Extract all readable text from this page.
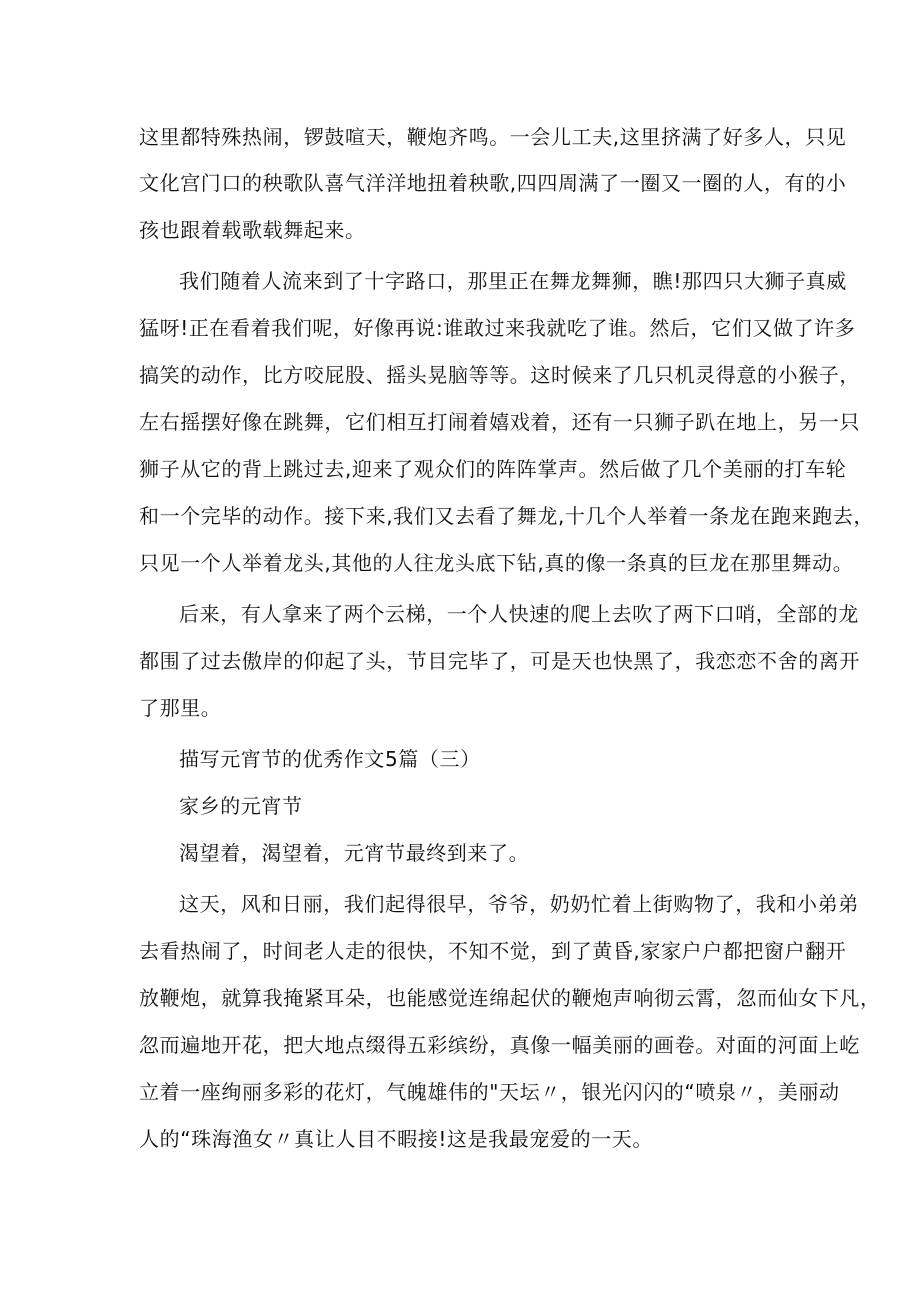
这里都特殊热闹，锣鼓喧天，鞭炮齐鸣。一会儿工夫,这里挤满了好多人，只见

文化宫门口的秧歌队喜气洋洋地扭着秧歌,四四周满了一圈又一圈的人，有的小

孩也跟着载歌载舞起来。

我们随着人流来到了十字路口，那里正在舞龙舞狮，瞧!那四只大狮子真威

猛呀!正在看着我们呢，好像再说:谁敢过来我就吃了谁。然后，它们又做了许多

搞笑的动作，比方咬屁股、摇头晃脑等等。这时候来了几只机灵得意的小猴子，

左右摇摆好像在跳舞，它们相互打闹着嬉戏着，还有一只狮子趴在地上，另一只

狮子从它的背上跳过去,迎来了观众们的阵阵掌声。然后做了几个美丽的打车轮

和一个完毕的动作。接下来,我们又去看了舞龙,十几个人举着一条龙在跑来跑去，

只见一个人举着龙头,其他的人往龙头底下钻,真的像一条真的巨龙在那里舞动。

后来，有人拿来了两个云梯，一个人快速的爬上去吹了两下口哨，全部的龙

都围了过去傲岸的仰起了头，节目完毕了，可是天也快黑了，我恋恋不舍的离开

了那里。

描写元宵节的优秀作文5篇（三）

家乡的元宵节

渴望着，渴望着，元宵节最终到来了。

这天，风和日丽，我们起得很早，爷爷，奶奶忙着上街购物了，我和小弟弟

去看热闹了，时间老人走的很快，不知不觉，到了黄昏,家家户户都把窗户翻开

放鞭炮，就算我掩紧耳朵，也能感觉连绵起伏的鞭炮声响彻云霄，忽而仙女下凡，

忽而遍地开花，把大地点缀得五彩缤纷，真像一幅美丽的画卷。对面的河面上屹

立着一座绚丽多彩的花灯，气魄雄伟的"天坛〃，银光闪闪的“喷泉〃，美丽动

人的“珠海渔女〃真让人目不暇接!这是我最宠爱的一天。
